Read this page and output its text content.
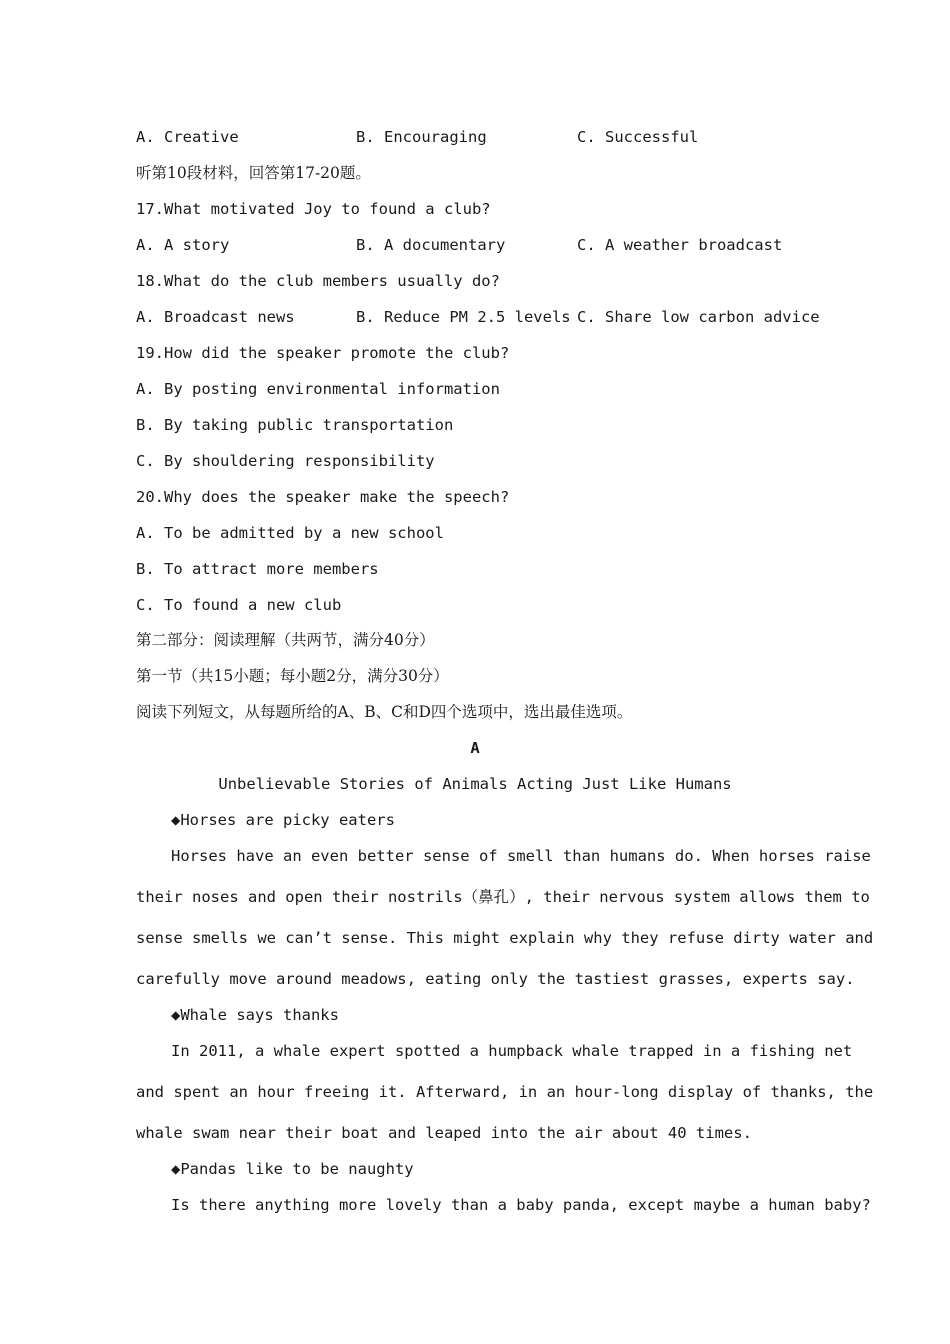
A. Creative

	B. Encouraging

	C. Successful

听第10段材料，回答第17-20题。
17.What motivated Joy to found a club?

A. A story

	B. A documentary

	C. A weather broadcast

18.What do the club members usually do?

A. Broadcast news

	B. Reduce PM 2.5 levels

C. Share low carbon advice

19.How did the speaker promote the club?
A. By posting environmental information
B. By taking public transportation
C. By shouldering responsibility
20.Why does the speaker make the speech?
A. To be admitted by a new school
B. To attract more members
C. To found a new club
第二部分：阅读理解（共两节，满分40分）
第一节（共15小题；每小题2分，满分30分）
阅读下列短文，从每题所给的A、B、C和D四个选项中，选出最佳选项。
A
Unbelievable Stories of Animals Acting Just Like Humans
◆Horses are picky eaters
Horses have an even better sense of smell than humans do. When horses raise
their noses and open their nostrils（鼻孔）, their nervous system allows them to
sense smells we can’t sense. This might explain why they refuse dirty water and
carefully move around meadows, eating only the tastiest grasses, experts say.
◆Whale says thanks
In 2011, a whale expert spotted a humpback whale trapped in a fishing net
and spent an hour freeing it. Afterward, in an hour-long display of thanks, the
whale swam near their boat and leaped into the air about 40 times.
◆Pandas like to be naughty
Is there anything more lovely than a baby panda, except maybe a human baby?
